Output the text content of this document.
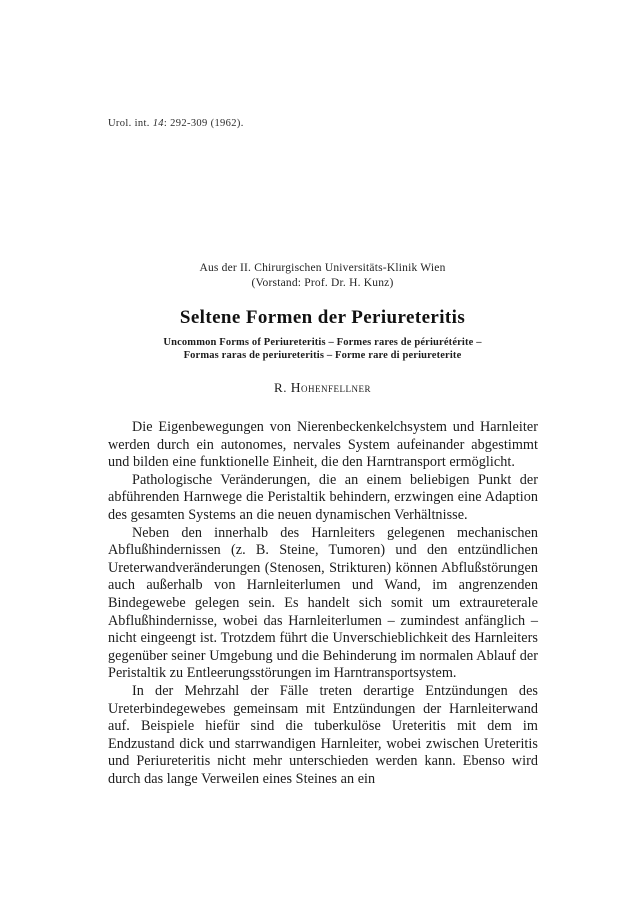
Urol. int. 14: 292-309 (1962).
Aus der II. Chirurgischen Universitäts-Klinik Wien
(Vorstand: Prof. Dr. H. Kunz)
Seltene Formen der Periureteritis
Uncommon Forms of Periureteritis – Formes rares de périurétérite –
Formas raras de periureteritis – Forme rare di periureterite
R. Hohenfellner

Die Eigenbewegungen von Nierenbeckenkelchsystem und Harnleiter werden durch ein autonomes, nervales System aufeinander abgestimmt und bilden eine funktionelle Einheit, die den Harntransport ermöglicht.

Pathologische Veränderungen, die an einem beliebigen Punkt der abführenden Harnwege die Peristaltik behindern, erzwingen eine Adaption des gesamten Systems an die neuen dynamischen Verhältnisse.

Neben den innerhalb des Harnleiters gelegenen mechanischen Abflußhindernissen (z. B. Steine, Tumoren) und den entzündlichen Ureterwandveränderungen (Stenosen, Strikturen) können Abflußstörungen auch außerhalb von Harnleiterlumen und Wand, im angrenzenden Bindegewebe gelegen sein. Es handelt sich somit um extraureterale Abflußhindernisse, wobei das Harnleiterlumen – zumindest anfänglich – nicht eingeengt ist. Trotzdem führt die Unverschieblichkeit des Harnleiters gegenüber seiner Umgebung und die Behinderung im normalen Ablauf der Peristaltik zu Entleerungsstörungen im Harntransportsystem.

In der Mehrzahl der Fälle treten derartige Entzündungen des Ureterbindegewebes gemeinsam mit Entzündungen der Harnleiterwand auf. Beispiele hiefür sind die tuberkulöse Ureteritis mit dem im Endzustand dick und starrwandigen Harnleiter, wobei zwischen Ureteritis und Periureteritis nicht mehr unterschieden werden kann. Ebenso wird durch das lange Verweilen eines Steines an ein
